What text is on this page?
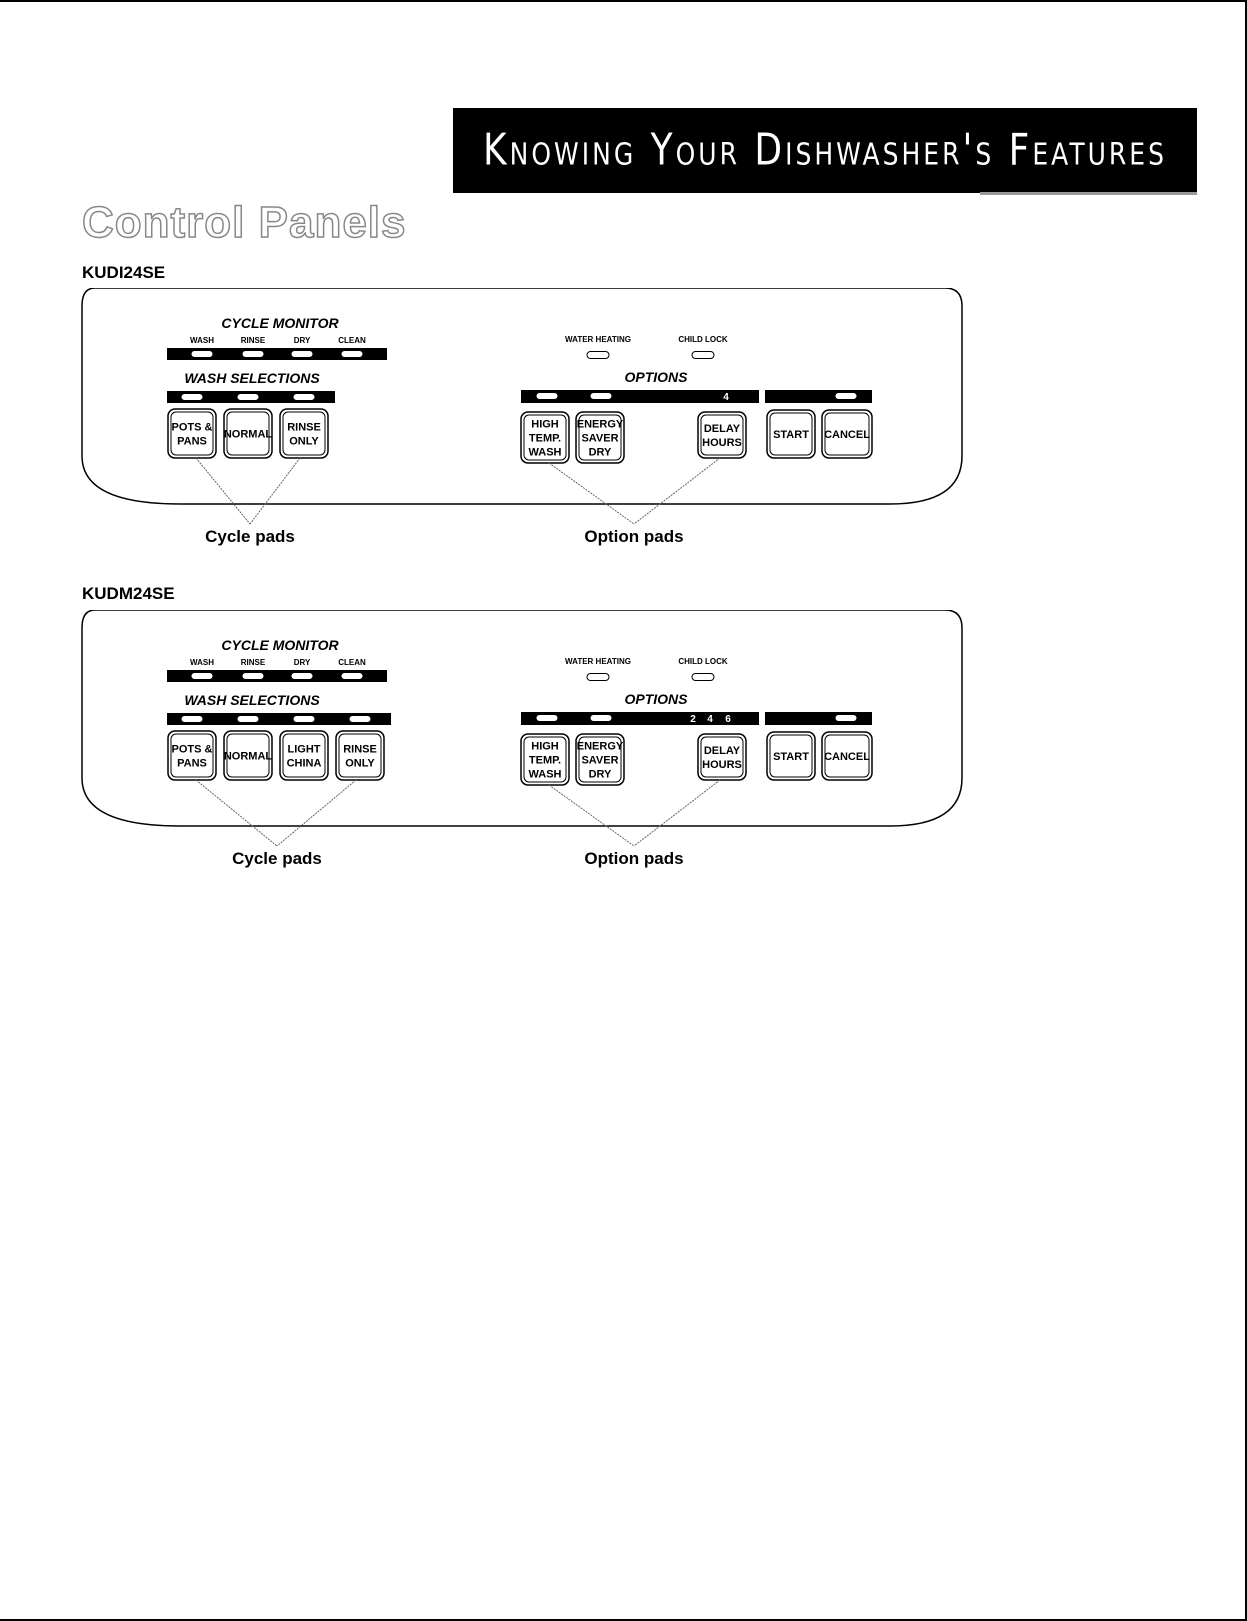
Knowing Your Dishwasher's Features
Control Panels
KUDI24SE
KUDM24SE
CYCLE MONITOR
WASH	RINSE	DRY	CLEAN
WASH SELECTIONS
POTS &
PANS
NORMAL
RINSE
ONLY
WATER HEATING	CHILD LOCK
OPTIONS
4
HIGH
TEMP.
WASH
ENERGY
SAVER
DRY
DELAY
HOURS
START CANCEL
CYCLE MONITOR
WASH	RINSE	DRY	CLEAN
WASH SELECTIONS
POTS &
PANS
NORMAL
LIGHT
CHINA
RINSE
ONLY
WATER HEATING	CHILD LOCK
OPTIONS
2 4 6
HIGH
TEMP.
WASH
ENERGY
SAVER
DRY
DELAY
HOURS
START CANCEL
Cycle pads	Option pads
Cycle pads	Option pads
